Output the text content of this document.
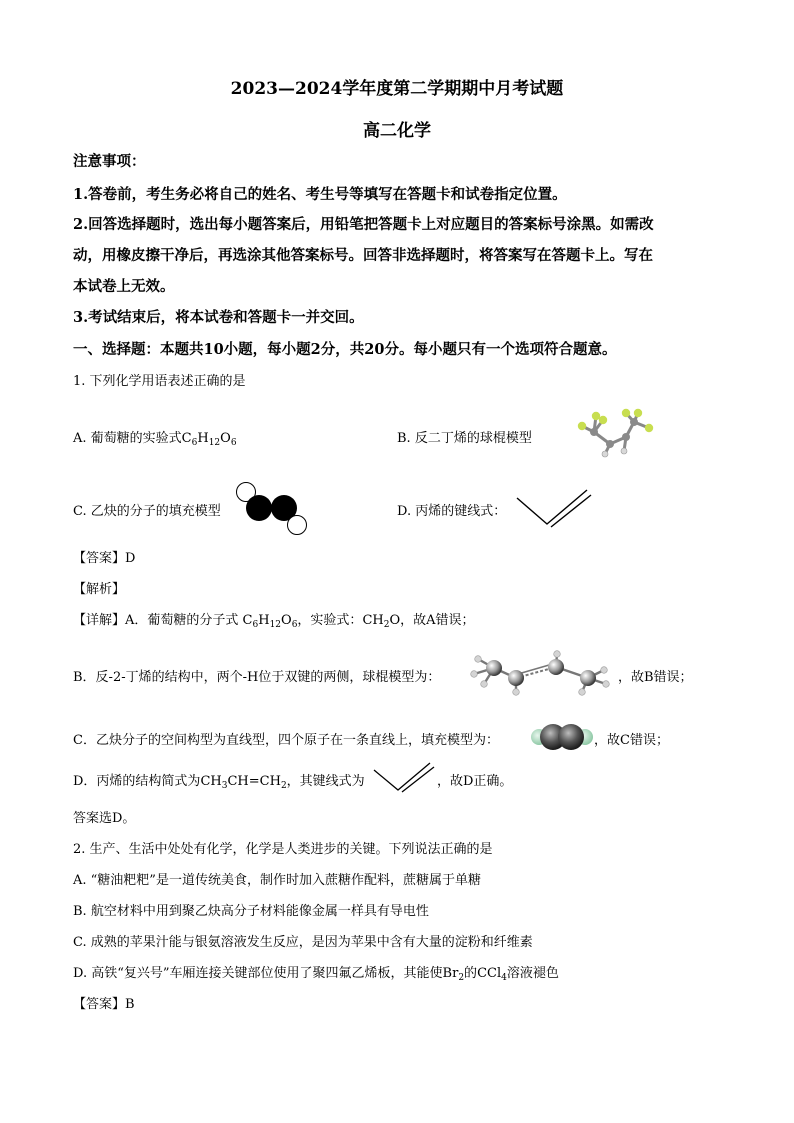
2023—2024学年度第二学期期中月考试题
高二化学
注意事项：
1.答卷前，考生务必将自己的姓名、考生号等填写在答题卡和试卷指定位置。
2.回答选择题时，选出每小题答案后，用铅笔把答题卡上对应题目的答案标号涂黑。如需改
动，用橡皮擦干净后，再选涂其他答案标号。回答非选择题时，将答案写在答题卡上。写在
本试卷上无效。
3.考试结束后，将本试卷和答题卡一并交回。
一、选择题：本题共10小题，每小题2分，共20分。每小题只有一个选项符合题意。
1. 下列化学用语表述正确的是
A. 葡萄糖的实验式$C_6H_{12}O_6$	B. 反二丁烯的球棍模型
C. 乙炔的分子的填充模型	D. 丙烯的键线式：
【答案】D
【解析】
【详解】A．葡萄糖的分子式 $C_6H_{12}O_6$，实验式：$CH_2O$，故A错误；
B．反-2-丁烯的结构中，两个-H位于双键的两侧，球棍模型为：	，故B错误；
C．乙炔分子的空间构型为直线型，四个原子在一条直线上，填充模型为：	，故C错误；
D．丙烯的结构简式为$CH_3CH=CH_2$，其键线式为	，故D正确。
答案选D。
2. 生产、生活中处处有化学，化学是人类进步的关键。下列说法正确的是
A. “糖油粑粑”是一道传统美食，制作时加入蔗糖作配料，蔗糖属于单糖
B. 航空材料中用到聚乙炔高分子材料能像金属一样具有导电性
C. 成熟的苹果汁能与银氨溶液发生反应，是因为苹果中含有大量的淀粉和纤维素
D. 高铁“复兴号”车厢连接关键部位使用了聚四氟乙烯板，其能使$Br_2$的CCl$_4$溶液褪色
【答案】B
